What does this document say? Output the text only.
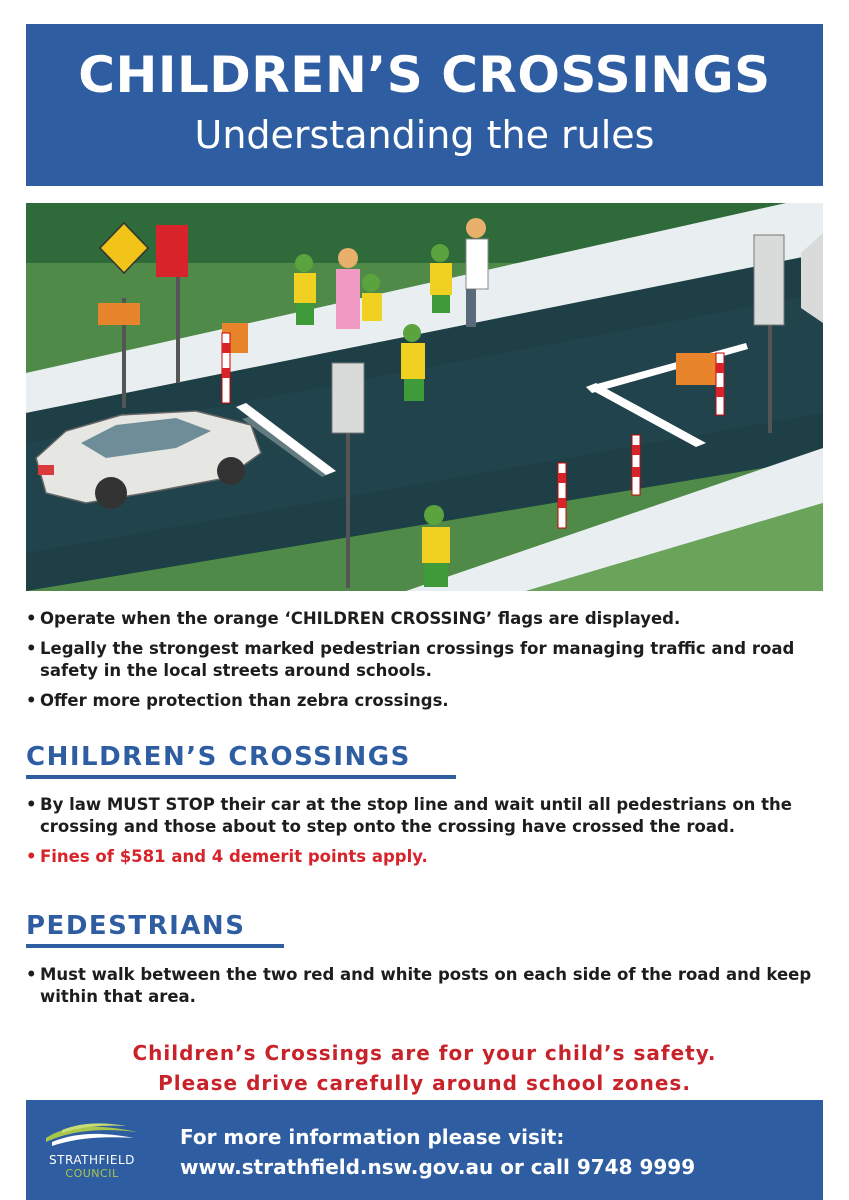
CHILDREN’S CROSSINGS
Understanding the rules
• Operate when the orange ‘CHILDREN CROSSING’ flags are displayed.
• Legally the strongest marked pedestrian crossings for managing traffic and road safety in the local streets around schools.
• Offer more protection than zebra crossings.
CHILDREN’S CROSSINGS
• By law MUST STOP their car at the stop line and wait until all pedestrians on the crossing and those about to step onto the crossing have crossed the road.
• Fines of $581 and 4 demerit points apply.
PEDESTRIANS
• Must walk between the two red and white posts on each side of the road and keep within that area.
Children’s Crossings are for your child’s safety.
Please drive carefully around school zones.
STRATHFIELD
COUNCIL
For more information please visit:
www.strathfield.nsw.gov.au or call 9748 9999
